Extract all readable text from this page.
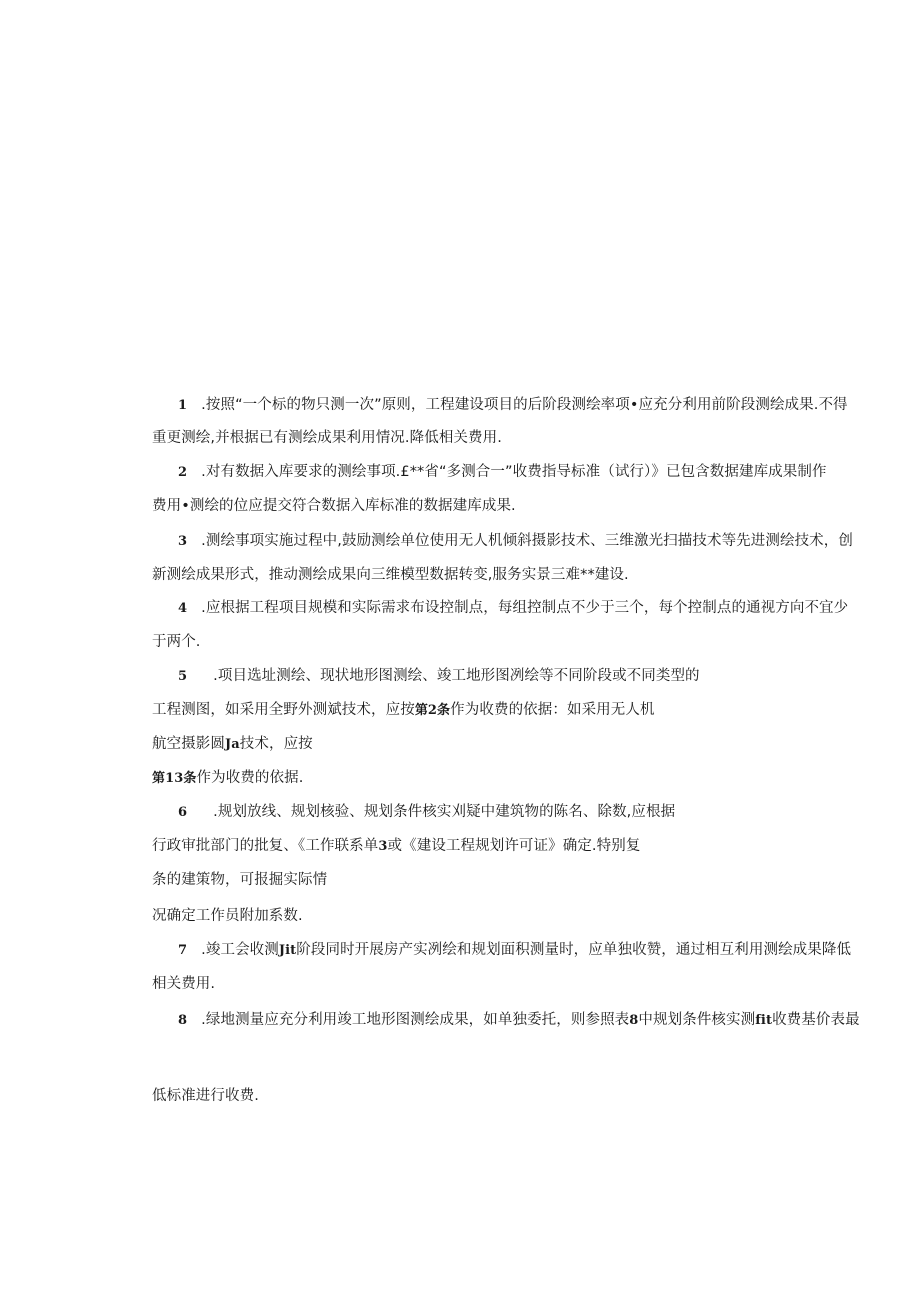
1 .按照“一个标的物只测一次”原则，工程建设项目的后阶段测绘率项•应充分利用前阶段测绘成果.不得
重更测绘,并根据已有测绘成果利用情况.降低相关费用.
2 .对有数据入库要求的测绘事项.£**省“多测合一”收费指导标准（试行）》已包含数据建库成果制作
费用•测绘的位应提交符合数据入库标准的数据建库成果.
3 .测绘事项实施过程中,鼓励测绘单位使用无人机倾斜摄影技术、三维激光扫描技术等先进测绘技术，创
新测绘成果形式，推动测绘成果向三维模型数据转变,服务实景三难**建设.
4 .应根据工程项目规模和实际需求布设控制点，每组控制点不少于三个，每个控制点的通视方向不宜少
于两个.
5 .项目选址测绘、现状地形图测绘、竣工地形图冽绘等不同阶段或不同类型的
工程测图，如采用全野外测斌技术，应按第2条作为收费的依据：如采用无人机
航空摄影圆Ja技术，应按
第13条作为收费的依据.
6 .规划放线、规划核验、规划条件核实刈疑中建筑物的陈名、除数,应根据
行政审批部门的批复、《工作联系单3或《建设工程规划许可证》确定.特别复
条的建策物，可报掘实际情
况确定工作员附加系数.
7 .竣工会收测Jit阶段同时开展房产实冽绘和规划面积测量时，应单独收赞，通过相互利用测绘成果降低
相关费用.
8 .绿地测量应充分利用竣工地形图测绘成果，如单独委托，则参照表8中规划条件核实测fit收费基价表最
低标准进行收费.
